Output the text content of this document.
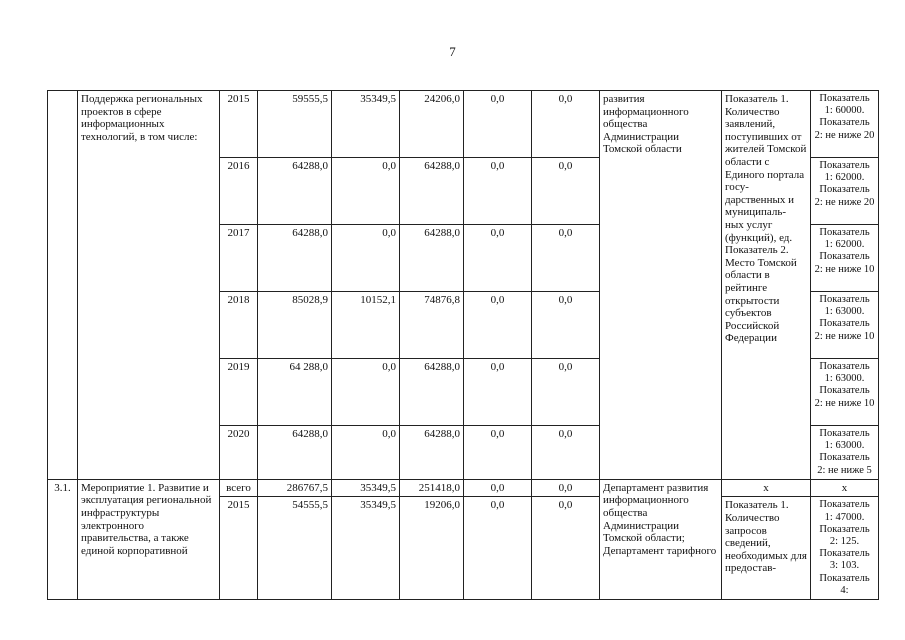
7
	Поддержка региональных проектов в сфере информационных технологий, в том числе:	2015	59555,5	35349,5	24206,0	0,0	0,0	развития информационного общества Администрации Томской области	Показатель 1. Количество заявлений, поступивших от жителей Томской области с Единого портала госу- дарственных и муниципаль- ных услуг (функций), ед. Показатель 2. Место Томской области в рейтинге открытости субъектов Российской Федерации	Показатель 1: 60000. Показатель 2: не ниже 20
		2016	64288,0	0,0	64288,0	0,0	0,0			Показатель 1: 62000. Показатель 2: не ниже 20
		2017	64288,0	0,0	64288,0	0,0	0,0			Показатель 1: 62000. Показатель 2: не ниже 10
		2018	85028,9	10152,1	74876,8	0,0	0,0			Показатель 1: 63000. Показатель 2: не ниже 10
		2019	64 288,0	0,0	64288,0	0,0	0,0			Показатель 1: 63000. Показатель 2: не ниже 10
		2020	64288,0	0,0	64288,0	0,0	0,0			Показатель 1: 63000. Показатель 2: не ниже 5
3.1.	Мероприятие 1. Развитие и эксплуатация региональной инфраструктуры электронного правительства, а также единой корпоративной	всего	286767,5	35349,5	251418,0	0,0	0,0	Департамент развития информационного общества Администрации Томской области; Департамент тарифного	х	х
		2015	54555,5	35349,5	19206,0	0,0	0,0		Показатель 1. Количество запросов сведений, необходимых для предостав-	Показатель 1: 47000. Показатель 2: 125. Показатель 3: 103. Показатель 4:
